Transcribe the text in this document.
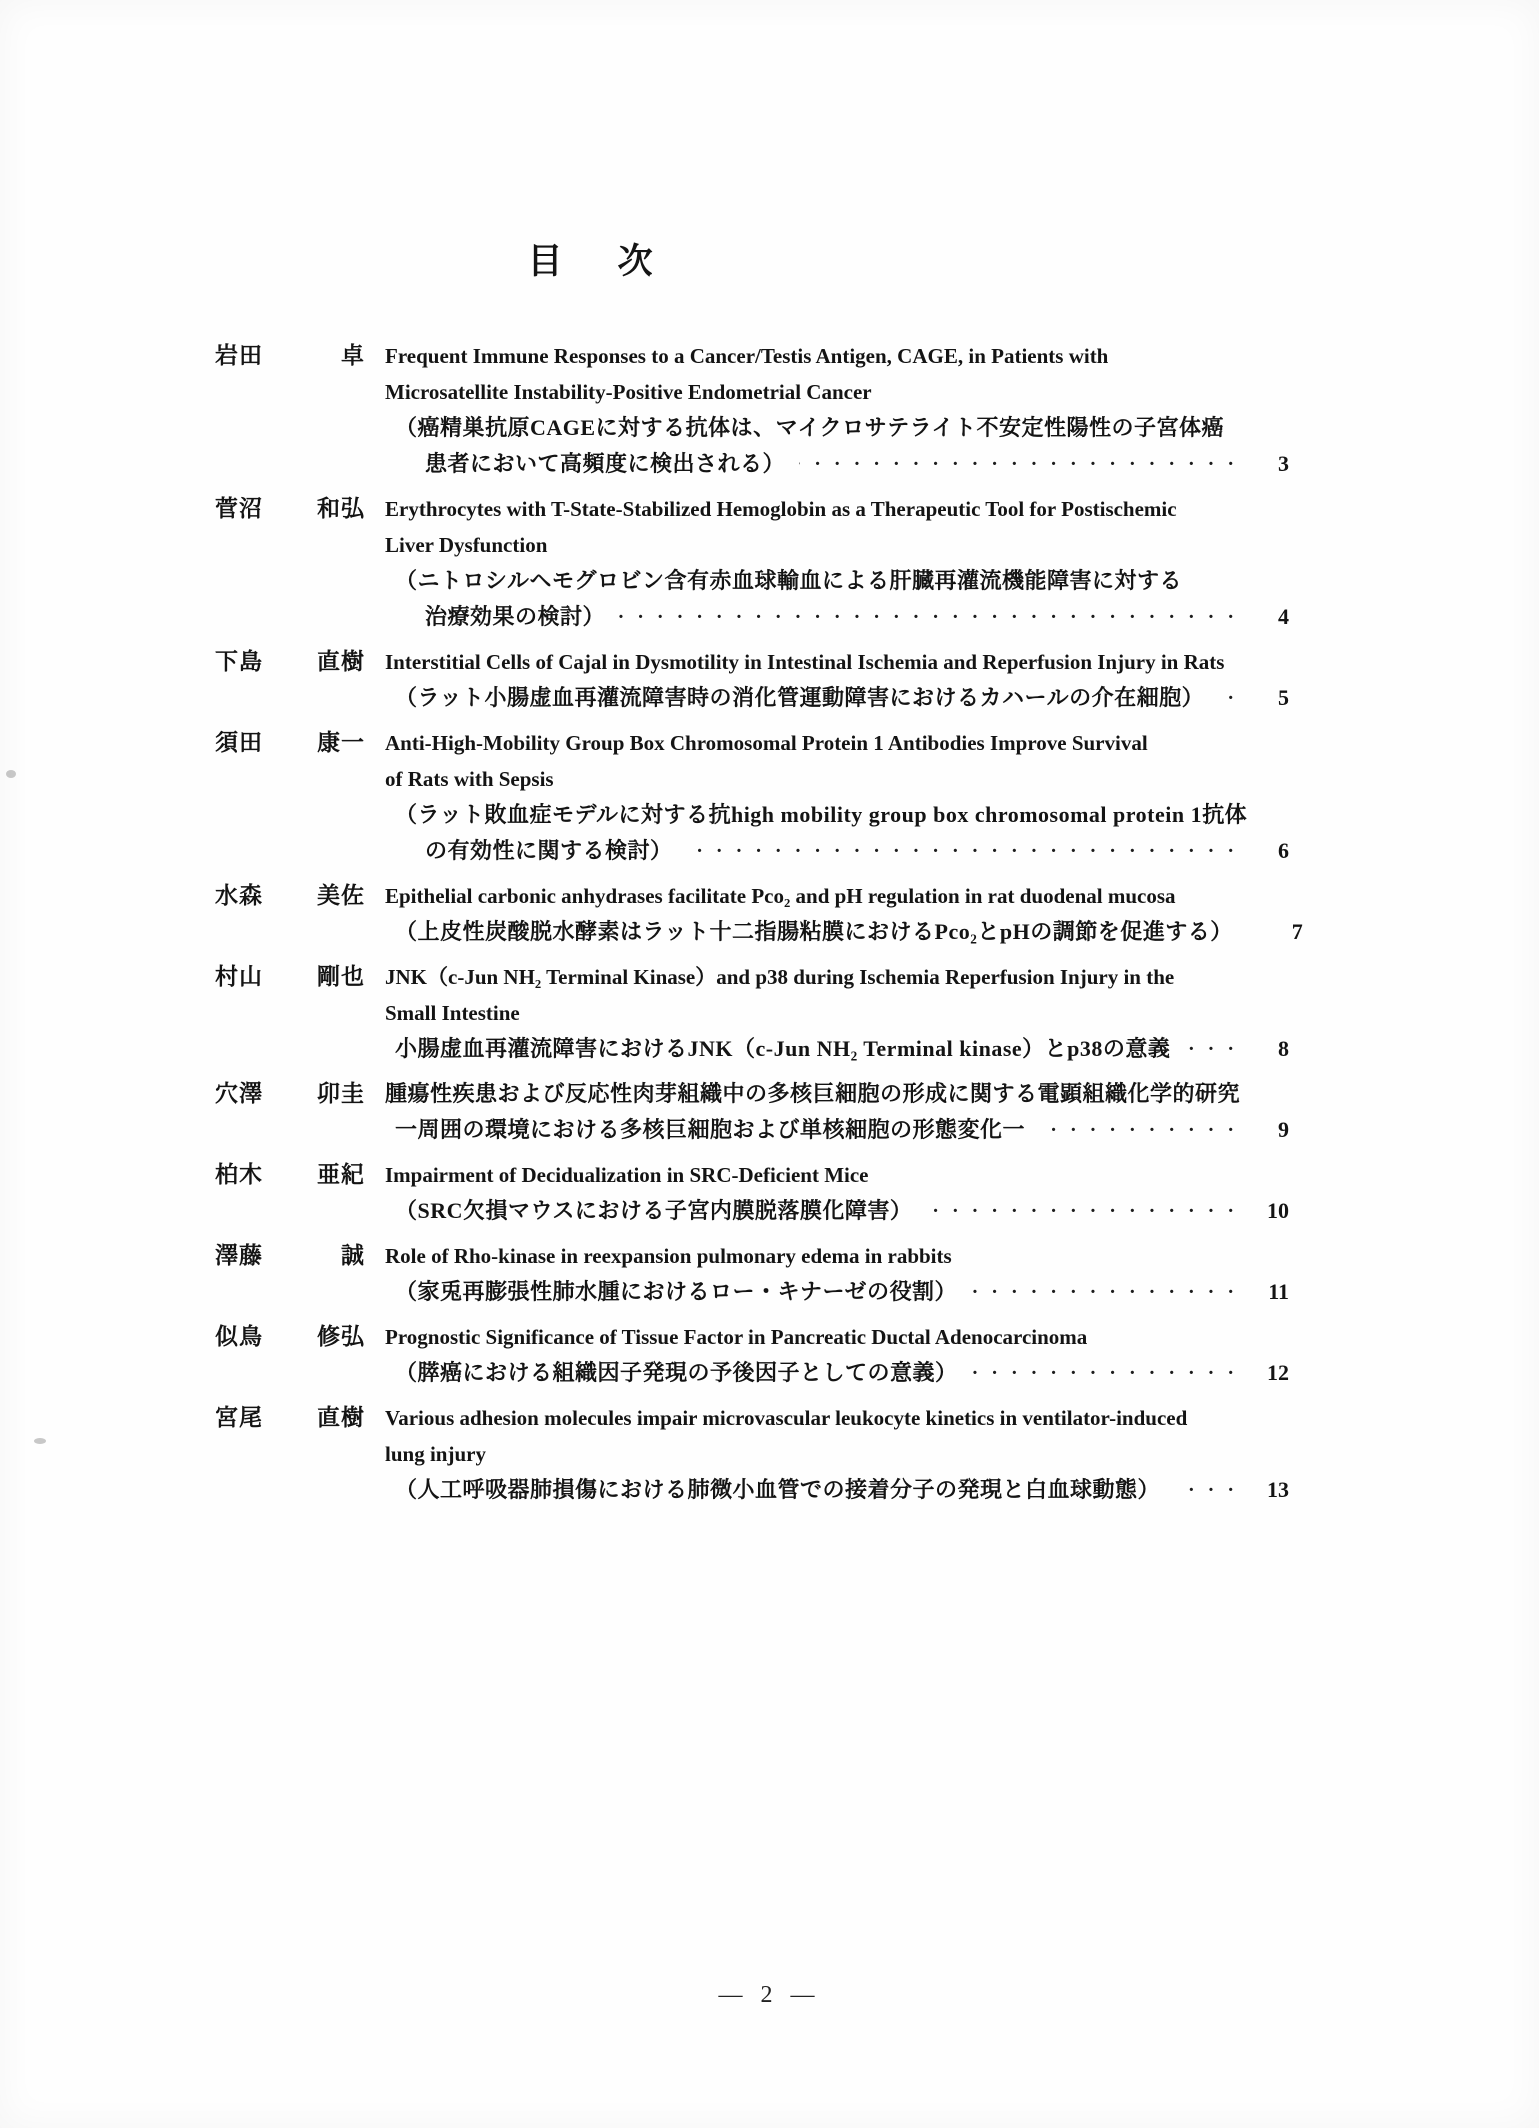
目　次
岩田	卓 Frequent Immune Responses to a Cancer/Testis Antigen, CAGE, in Patients with
Microsatellite Instability-Positive Endometrial Cancer
（癌精巣抗原CAGEに対する抗体は、マイクロサテライト不安定性陽性の子宮体癌
患者において高頻度に検出される） ·····	3
菅沼 和弘 Erythrocytes with T-State-Stabilized Hemoglobin as a Therapeutic Tool for Postischemic
Liver Dysfunction
（ニトロシルヘモグロビン含有赤血球輸血による肝臓再灌流機能障害に対する
治療効果の検討） ·····	4
下島 直樹 Interstitial Cells of Cajal in Dysmotility in Intestinal Ischemia and Reperfusion Injury in Rats
（ラット小腸虚血再灌流障害時の消化管運動障害におけるカハールの介在細胞） ·····	5
須田 康一 Anti-High-Mobility Group Box Chromosomal Protein 1 Antibodies Improve Survival
of Rats with Sepsis
（ラット敗血症モデルに対する抗high mobility group box chromosomal protein 1抗体
の有効性に関する検討） ·····	6
水森 美佐 Epithelial carbonic anhydrases facilitate Pco₂ and pH regulation in rat duodenal mucosa
（上皮性炭酸脱水酵素はラット十二指腸粘膜におけるPco₂とpHの調節を促進する） ·····	7
村山 剛也 JNK（c-Jun NH₂ Terminal Kinase）and p38 during Ischemia Reperfusion Injury in the
Small Intestine
小腸虚血再灌流障害におけるJNK（c-Jun NH₂ Terminal kinase）とp38の意義 ·····	8
穴澤 卯圭 腫瘍性疾患および反応性肉芽組織中の多核巨細胞の形成に関する電顕組織化学的研究
一周囲の環境における多核巨細胞および単核細胞の形態変化一 ·····	9
柏木 亜紀 Impairment of Decidualization in SRC-Deficient Mice
（SRC欠損マウスにおける子宮内膜脱落膜化障害） ·····	10
澤藤	誠 Role of Rho-kinase in reexpansion pulmonary edema in rabbits
（家兎再膨張性肺水腫におけるロー・キナーゼの役割） ·····	11
似鳥 修弘 Prognostic Significance of Tissue Factor in Pancreatic Ductal Adenocarcinoma
（膵癌における組織因子発現の予後因子としての意義） ·····	12
宮尾 直樹 Various adhesion molecules impair microvascular leukocyte kinetics in ventilator-induced
lung injury
（人工呼吸器肺損傷における肺微小血管での接着分子の発現と白血球動態） ·····	13
— 2 —
